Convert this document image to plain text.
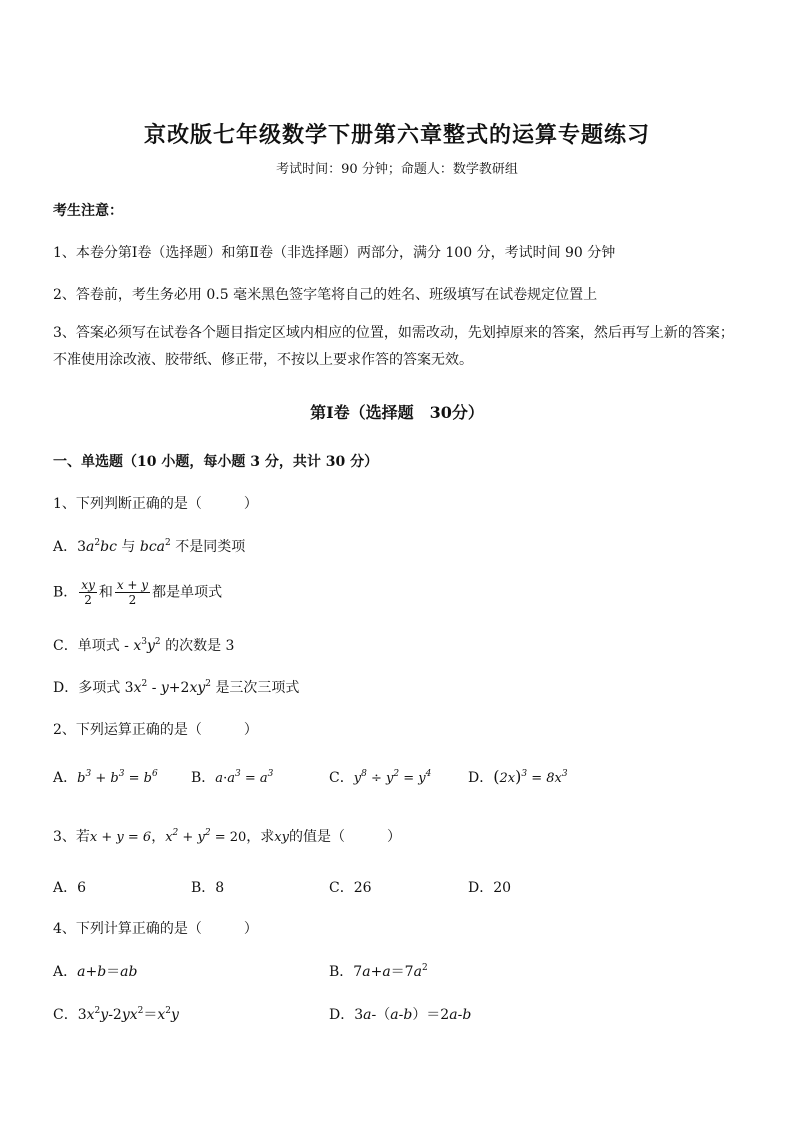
京改版七年级数学下册第六章整式的运算专题练习
考试时间：90 分钟；命题人：数学教研组
考生注意：
1、本卷分第Ⅰ卷（选择题）和第Ⅱ卷（非选择题）两部分，满分 100 分，考试时间 90 分钟
2、答卷前，考生务必用 0.5 毫米黑色签字笔将自己的姓名、班级填写在试卷规定位置上
3、答案必须写在试卷各个题目指定区域内相应的位置，如需改动，先划掉原来的答案，然后再写上新的答案；不准使用涂改液、胶带纸、修正带，不按以上要求作答的答案无效。
第Ⅰ卷（选择题　30分）
一、单选题（10 小题，每小题 3 分，共计 30 分）
1、下列判断正确的是（　　　）
A．$3a^2bc$ 与 bca$^2$ 不是同类项
B． $\frac{xy}{2}$ 和 $\frac{x + y}{2}$ 都是单项式
C．单项式 - $x^3y^2$ 的次数是 3
D．多项式 $3x^2 - y+2xy^2$ 是三次三项式
2、下列运算正确的是（　　　）
A．$b^3 + b^3 = b^6$ B．$a\cdot a^3 = a^3$	C．$y^8 \div y^2 = y^4$	D．$(2x)^3 = 8x^3$
3、若x + y = 6，$x^2 + y^2 = 20$，求xy的值是（　　　）
A．6	B．8	C．26	D．20
4、下列计算正确的是（　　　）
A．a+b＝ab	B．$7a+a=7a^2$
C．$3x^2y-2yx^2=x^2y$	D．3a-（a-b）＝2a-b
